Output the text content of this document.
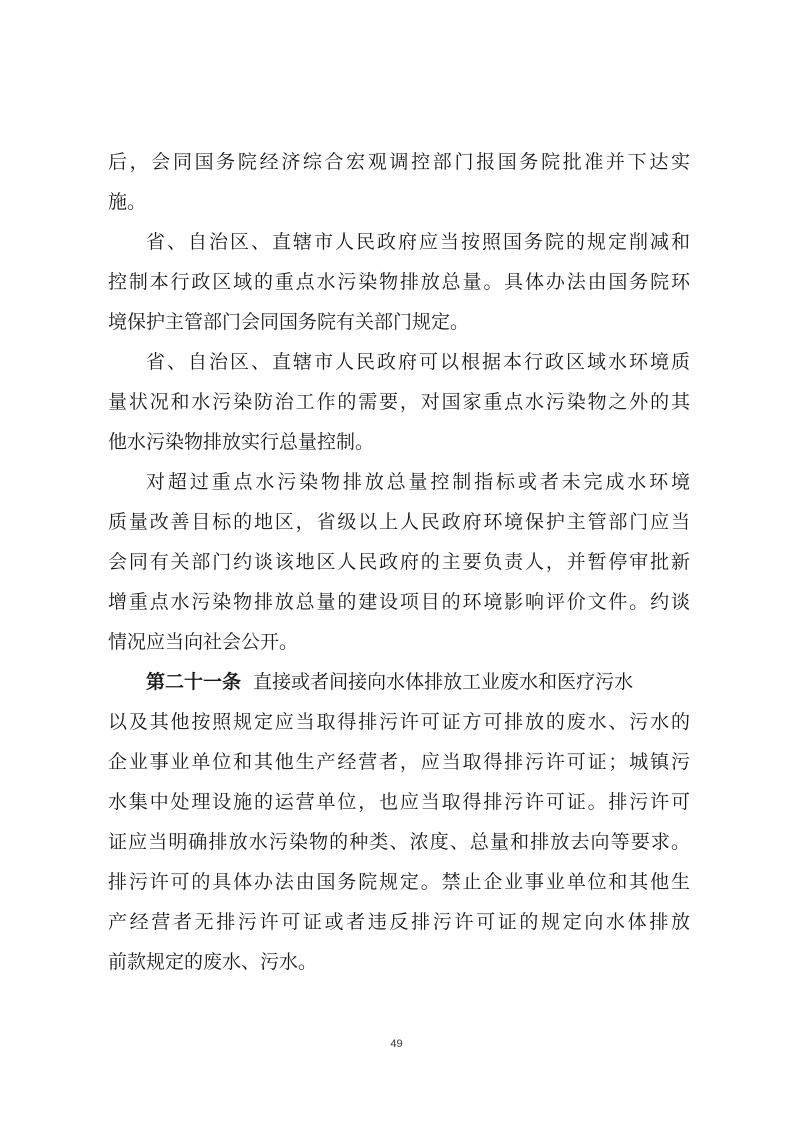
后，会同国务院经济综合宏观调控部门报国务院批准并下达实
施。
省、自治区、直辖市人民政府应当按照国务院的规定削减和
控制本行政区域的重点水污染物排放总量。具体办法由国务院环
境保护主管部门会同国务院有关部门规定。
省、自治区、直辖市人民政府可以根据本行政区域水环境质
量状况和水污染防治工作的需要，对国家重点水污染物之外的其
他水污染物排放实行总量控制。
对超过重点水污染物排放总量控制指标或者未完成水环境
质量改善目标的地区，省级以上人民政府环境保护主管部门应当
会同有关部门约谈该地区人民政府的主要负责人，并暂停审批新
增重点水污染物排放总量的建设项目的环境影响评价文件。约谈
情况应当向社会公开。
第二十一条 直接或者间接向水体排放工业废水和医疗污水
以及其他按照规定应当取得排污许可证方可排放的废水、污水的
企业事业单位和其他生产经营者，应当取得排污许可证；城镇污
水集中处理设施的运营单位，也应当取得排污许可证。排污许可
证应当明确排放水污染物的种类、浓度、总量和排放去向等要求。
排污许可的具体办法由国务院规定。禁止企业事业单位和其他生
产经营者无排污许可证或者违反排污许可证的规定向水体排放
前款规定的废水、污水。
49
